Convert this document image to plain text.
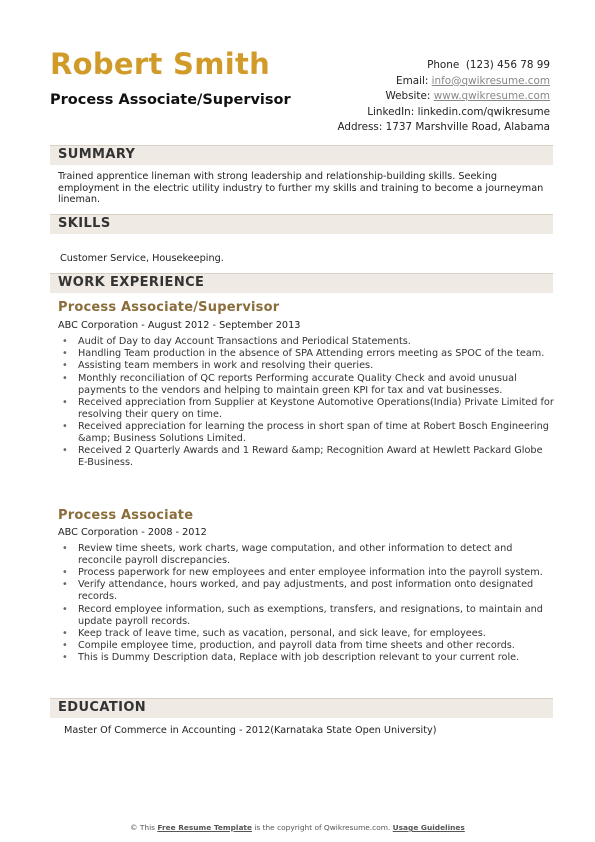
Robert Smith
Process Associate/Supervisor
Phone (123) 456 78 99
Email: info@qwikresume.com
Website: www.qwikresume.com
LinkedIn: linkedin.com/qwikresume
Address: 1737 Marshville Road, Alabama
SUMMARY
Trained apprentice lineman with strong leadership and relationship-building skills. Seeking employment in the electric utility industry to further my skills and training to become a journeyman lineman.
SKILLS
Customer Service, Housekeeping.
WORK EXPERIENCE
Process Associate/Supervisor
ABC Corporation - August 2012 - September 2013
• Audit of Day to day Account Transactions and Periodical Statements.
• Handling Team production in the absence of SPA Attending errors meeting as SPOC of the team.
• Assisting team members in work and resolving their queries.
• Monthly reconciliation of QC reports Performing accurate Quality Check and avoid unusual payments to the vendors and helping to maintain green KPI for tax and vat businesses.
• Received appreciation from Supplier at Keystone Automotive Operations(India) Private Limited for resolving their query on time.
• Received appreciation for learning the process in short span of time at Robert Bosch Engineering &amp; Business Solutions Limited.
• Received 2 Quarterly Awards and 1 Reward &amp; Recognition Award at Hewlett Packard Globe E-Business.
Process Associate
ABC Corporation - 2008 - 2012
• Review time sheets, work charts, wage computation, and other information to detect and reconcile payroll discrepancies.
• Process paperwork for new employees and enter employee information into the payroll system.
• Verify attendance, hours worked, and pay adjustments, and post information onto designated records.
• Record employee information, such as exemptions, transfers, and resignations, to maintain and update payroll records.
• Keep track of leave time, such as vacation, personal, and sick leave, for employees.
• Compile employee time, production, and payroll data from time sheets and other records.
• This is Dummy Description data, Replace with job description relevant to your current role.
EDUCATION
Master Of Commerce in Accounting - 2012(Karnataka State Open University)
© This Free Resume Template is the copyright of Qwikresume.com. Usage Guidelines
